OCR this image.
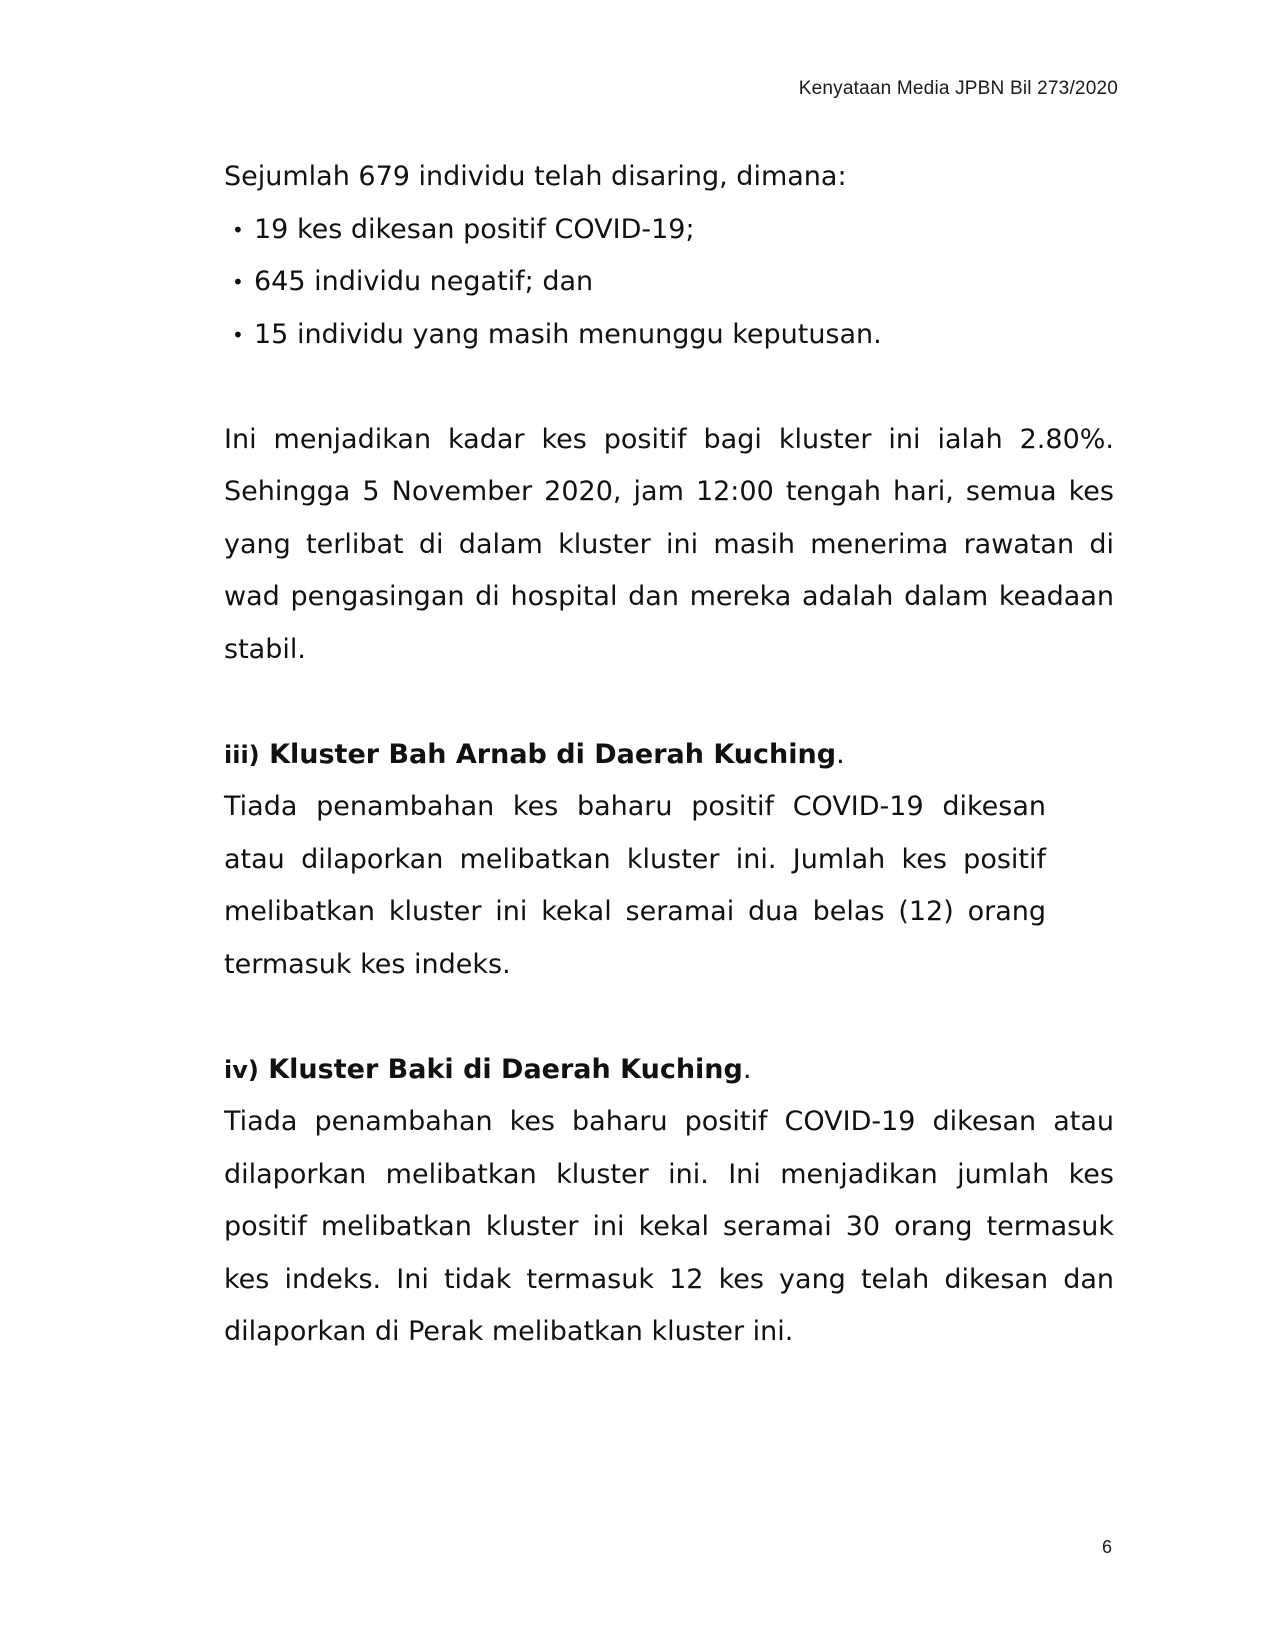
Kenyataan Media JPBN Bil 273/2020

Sejumlah 679 individu telah disaring, dimana:

• 19 kes dikesan positif COVID-19;
• 645 individu negatif; dan
• 15 individu yang masih menunggu keputusan.

Ini menjadikan kadar kes positif bagi kluster ini ialah 2.80%. Sehingga 5 November 2020, jam 12:00 tengah hari, semua kes yang terlibat di dalam kluster ini masih menerima rawatan di wad pengasingan di hospital dan mereka adalah dalam keadaan stabil.

iii) Kluster Bah Arnab di Daerah Kuching.

Tiada penambahan kes baharu positif COVID-19 dikesan atau dilaporkan melibatkan kluster ini. Jumlah kes positif melibatkan kluster ini kekal seramai dua belas (12) orang termasuk kes indeks.

iv) Kluster Baki di Daerah Kuching.

Tiada penambahan kes baharu positif COVID-19 dikesan atau dilaporkan melibatkan kluster ini. Ini menjadikan jumlah kes positif melibatkan kluster ini kekal seramai 30 orang termasuk kes indeks. Ini tidak termasuk 12 kes yang telah dikesan dan dilaporkan di Perak melibatkan kluster ini.

6
